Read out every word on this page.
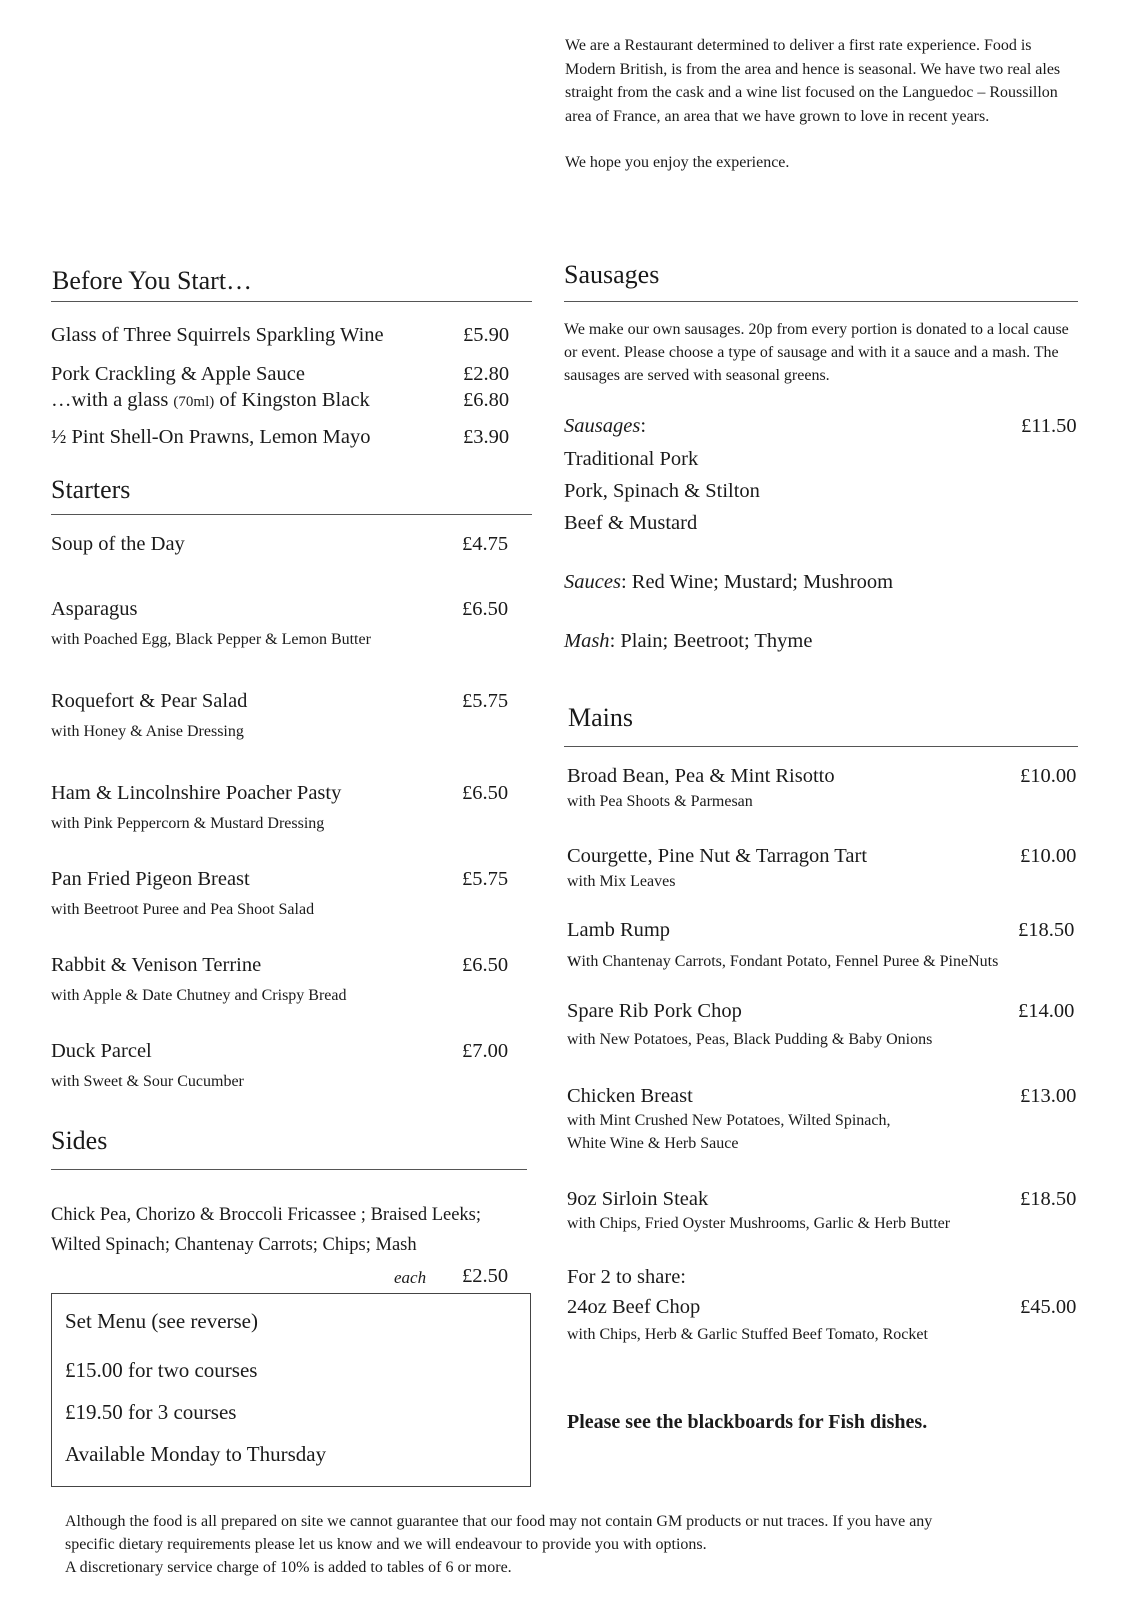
We are a Restaurant determined to deliver a first rate experience. Food is Modern British, is from the area and hence is seasonal. We have two real ales straight from the cask and a wine list focused on the Languedoc – Roussillon area of France, an area that we have grown to love in recent years.

We hope you enjoy the experience.

Before You Start…
Glass of Three Squirrels Sparkling Wine	£5.90
Pork Crackling & Apple Sauce	£2.80
…with a glass (70ml) of Kingston Black	£6.80
½ Pint Shell-On Prawns, Lemon Mayo	£3.90
Starters
Soup of the Day	£4.75
Asparagus	£6.50
with Poached Egg, Black Pepper & Lemon Butter
Roquefort & Pear Salad	£5.75
with Honey & Anise Dressing
Ham & Lincolnshire Poacher Pasty	£6.50
with Pink Peppercorn & Mustard Dressing
Pan Fried Pigeon Breast	£5.75
with Beetroot Puree and Pea Shoot Salad
Rabbit & Venison Terrine	£6.50
with Apple & Date Chutney and Crispy Bread
Duck Parcel	£7.00
with Sweet & Sour Cucumber
Sides
Chick Pea, Chorizo & Broccoli Fricassee ; Braised Leeks;
Wilted Spinach; Chantenay Carrots; Chips; Mash
each £2.50
Set Menu (see reverse)
£15.00 for two courses
£19.50 for 3 courses
Available Monday to Thursday
Sausages
We make our own sausages. 20p from every portion is donated to a local cause or event. Please choose a type of sausage and with it a sauce and a mash. The sausages are served with seasonal greens.
Sausages:	£11.50
Traditional Pork
Pork, Spinach & Stilton
Beef & Mustard
Sauces: Red Wine; Mustard; Mushroom
Mash: Plain; Beetroot; Thyme
Mains
Broad Bean, Pea & Mint Risotto	£10.00
with Pea Shoots & Parmesan
Courgette, Pine Nut & Tarragon Tart	£10.00
with Mix Leaves
Lamb Rump	£18.50
with Chantenay Carrots, Fondant Potato, Fennel Puree & PineNuts
Spare Rib Pork Chop	£14.00
with New Potatoes, Peas, Black Pudding & Baby Onions
Chicken Breast	£13.00
with Mint Crushed New Potatoes, Wilted Spinach,
White Wine & Herb Sauce
9oz Sirloin Steak	£18.50
with Chips, Fried Oyster Mushrooms, Garlic & Herb Butter
For 2 to share:
24oz Beef Chop	£45.00
with Chips, Herb & Garlic Stuffed Beef Tomato, Rocket
Please see the blackboards for Fish dishes.
Although the food is all prepared on site we cannot guarantee that our food may not contain GM products or nut traces. If you have any
specific dietary requirements please let us know and we will endeavour to provide you with options.
A discretionary service charge of 10% is added to tables of 6 or more.
